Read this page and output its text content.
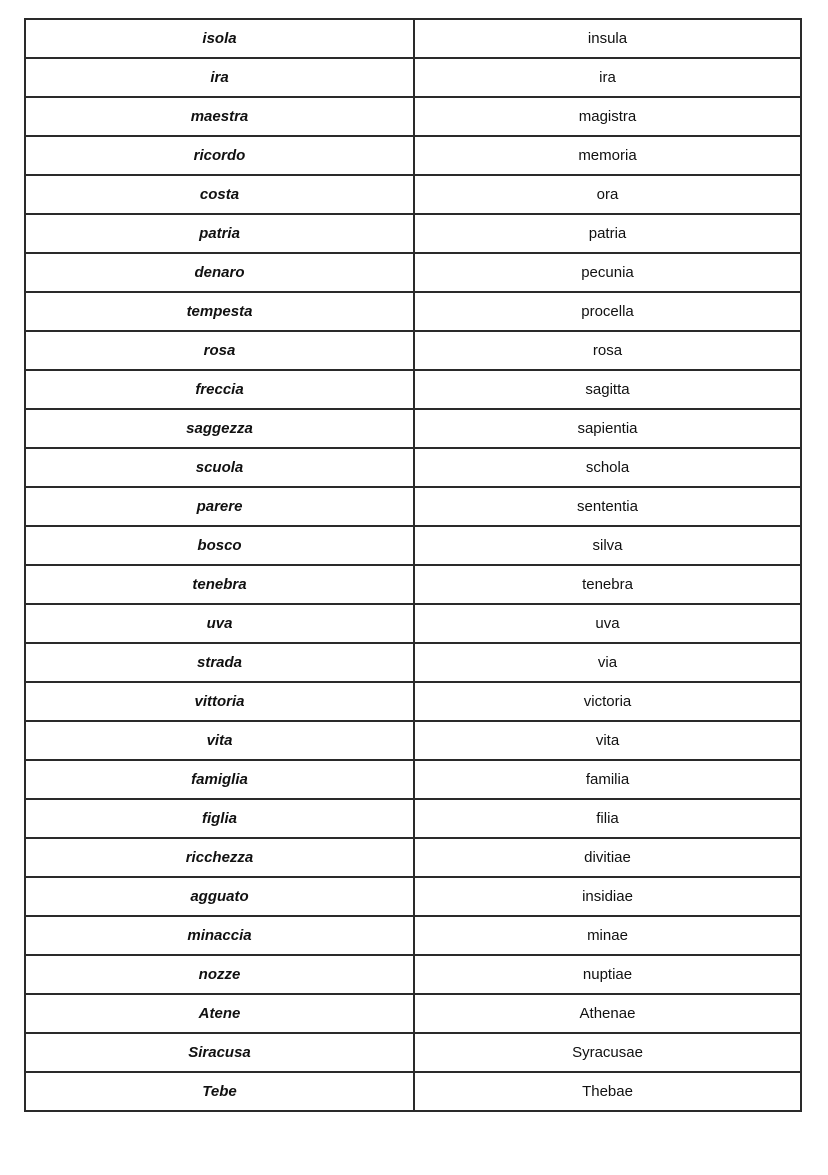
isola	insula
ira	ira
maestra	magistra
ricordo	memoria
costa	ora
patria	patria
denaro	pecunia
tempesta	procella
rosa	rosa
freccia	sagitta
saggezza	sapientia
scuola	schola
parere	sententia
bosco	silva
tenebra	tenebra
uva	uva
strada	via
vittoria	victoria
vita	vita
famiglia	familia
figlia	filia
ricchezza	divitiae
agguato	insidiae
minaccia	minae
nozze	nuptiae
Atene	Athenae
Siracusa	Syracusae
Tebe	Thebae
